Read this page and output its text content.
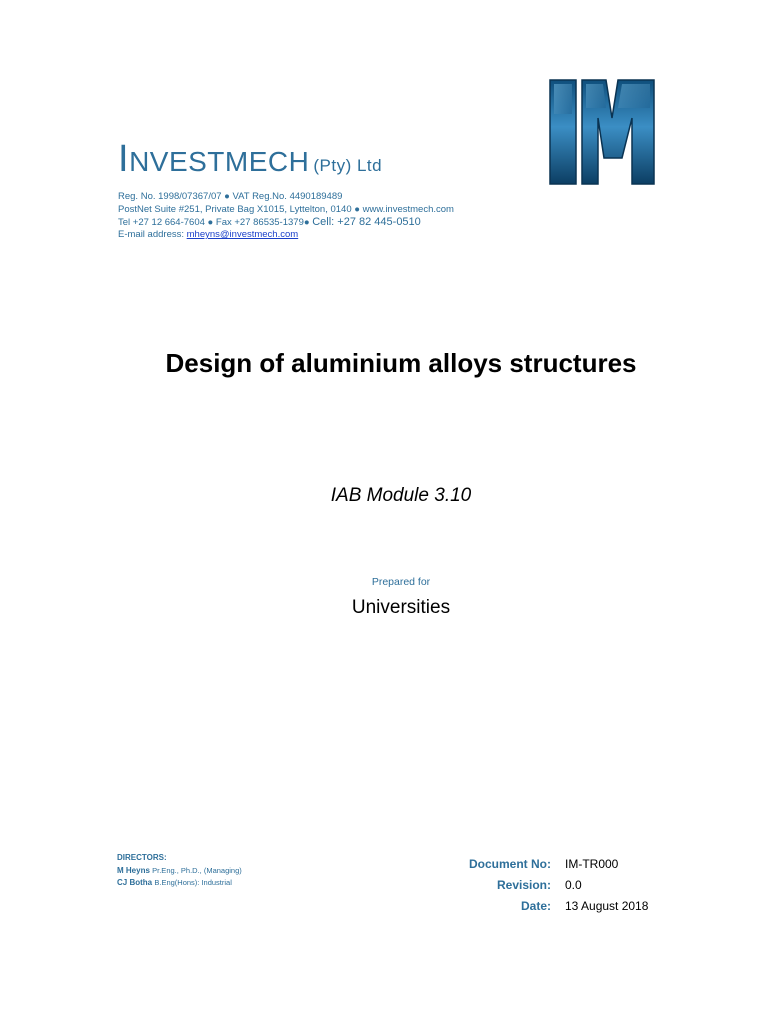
INVESTMECH (Pty) Ltd
Reg. No. 1998/07367/07 ● VAT Reg.No. 4490189489
PostNet Suite #251, Private Bag X1015, Lyttelton, 0140 ● www.investmech.com
Tel +27 12 664-7604 ● Fax +27 86535-1379● Cell: +27 82 445-0510
E-mail address: mheyns@investmech.com
Design of aluminium alloys structures
IAB Module 3.10
Prepared for
Universities
DIRECTORS:
M Heyns Pr.Eng., Ph.D., (Managing)
CJ Botha B.Eng(Hons): Industrial
Document No: IM-TR000
Revision: 0.0
Date: 13 August 2018
